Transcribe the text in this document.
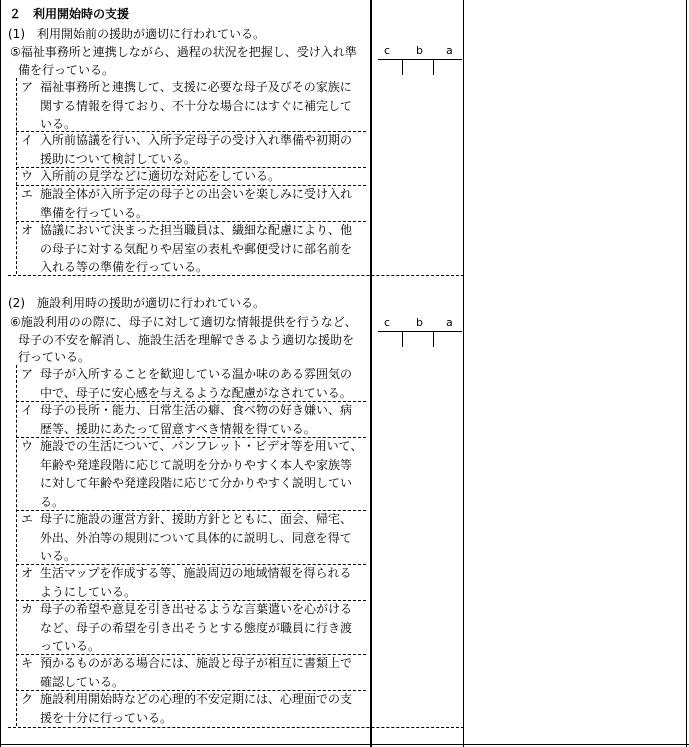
２　利用開始時の支援
(1)　利用開始前の援助が適切に行われている。
⑤福祉事務所と連携しながら、過程の状況を把握し、受け入れ準
備を行っている。
ア 福祉事務所と連携して、支援に必要な母子及びその家族に
関する情報を得ており、不十分な場合にはすぐに補完して
いる。
イ 入所前協議を行い、入所予定母子の受け入れ準備や初期の
援助について検討している。
ウ 入所前の見学などに適切な対応をしている。
エ 施設全体が入所予定の母子との出会いを楽しみに受け入れ
準備を行っている。
オ 協議において決まった担当職員は、繊細な配慮により、他
の母子に対する気配りや居室の表札や郵便受けに部名前を
入れる等の準備を行っている。
c b a
(2)　施設利用時の援助が適切に行われている。
⑥施設利用のの際に、母子に対して適切な情報提供を行うなど、
母子の不安を解消し、施設生活を理解できるよう適切な援助を
行っている。
ア 母子が入所することを歓迎している温か味のある雰囲気の
中で、母子に安心感を与えるような配慮がなされている。
イ 母子の長所・能力、日常生活の癖、食べ物の好き嫌い、病
歴等、援助にあたって留意すべき情報を得ている。
ウ 施設での生活について、パンフレット・ビデオ等を用いて、
年齢や発達段階に応じて説明を分かりやすく本人や家族等
に対して年齢や発達段階に応じて分かりやすく説明してい
る。
エ 母子に施設の運営方針、援助方針とともに、面会、帰宅、
外出、外泊等の規則について具体的に説明し、同意を得て
いる。
オ 生活マップを作成する等、施設周辺の地域情報を得られる
ようにしている。
カ 母子の希望や意見を引き出せるような言葉遣いを心がける
など、母子の希望を引き出そうとする態度が職員に行き渡
っている。
キ 預かるものがある場合には、施設と母子が相互に書類上で
確認している。
ク 施設利用開始時などの心理的不安定期には、心理面での支
援を十分に行っている。
c b a
